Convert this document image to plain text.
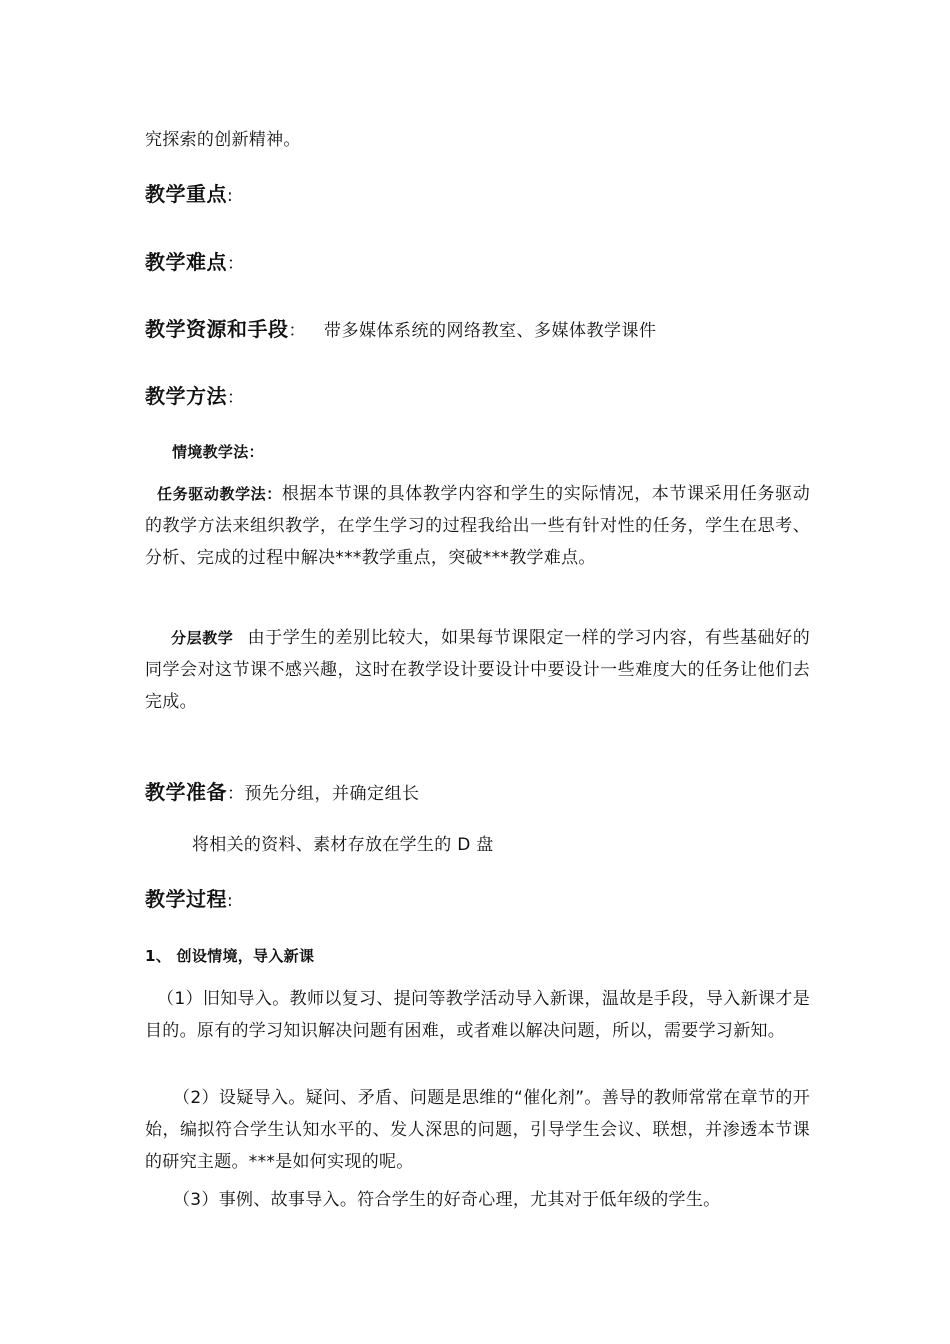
究探索的创新精神。
教学重点:
教学难点：
教学资源和手段： 带多媒体系统的网络教室、多媒体教学课件
教学方法：
情境教学法：
任务驱动教学法：根据本节课的具体教学内容和学生的实际情况，本节课采用任务驱动的教学方法来组织教学，在学生学习的过程我给出一些有针对性的任务，学生在思考、分析、完成的过程中解决***教学重点，突破***教学难点。
分层教学 由于学生的差别比较大，如果每节课限定一样的学习内容，有些基础好的同学会对这节课不感兴趣，这时在教学设计要设计中要设计一些难度大的任务让他们去完成。
教学准备：预先分组，并确定组长
将相关的资料、素材存放在学生的 D 盘
教学过程:
1、 创设情境，导入新课
（1）旧知导入。教师以复习、提问等教学活动导入新课，温故是手段，导入新课才是目的。原有的学习知识解决问题有困难，或者难以解决问题，所以，需要学习新知。
（2）设疑导入。疑问、矛盾、问题是思维的“催化剂”。善导的教师常常在章节的开始，编拟符合学生认知水平的、发人深思的问题，引导学生会议、联想，并渗透本节课的研究主题。***是如何实现的呢。
（3）事例、故事导入。符合学生的好奇心理，尤其对于低年级的学生。
